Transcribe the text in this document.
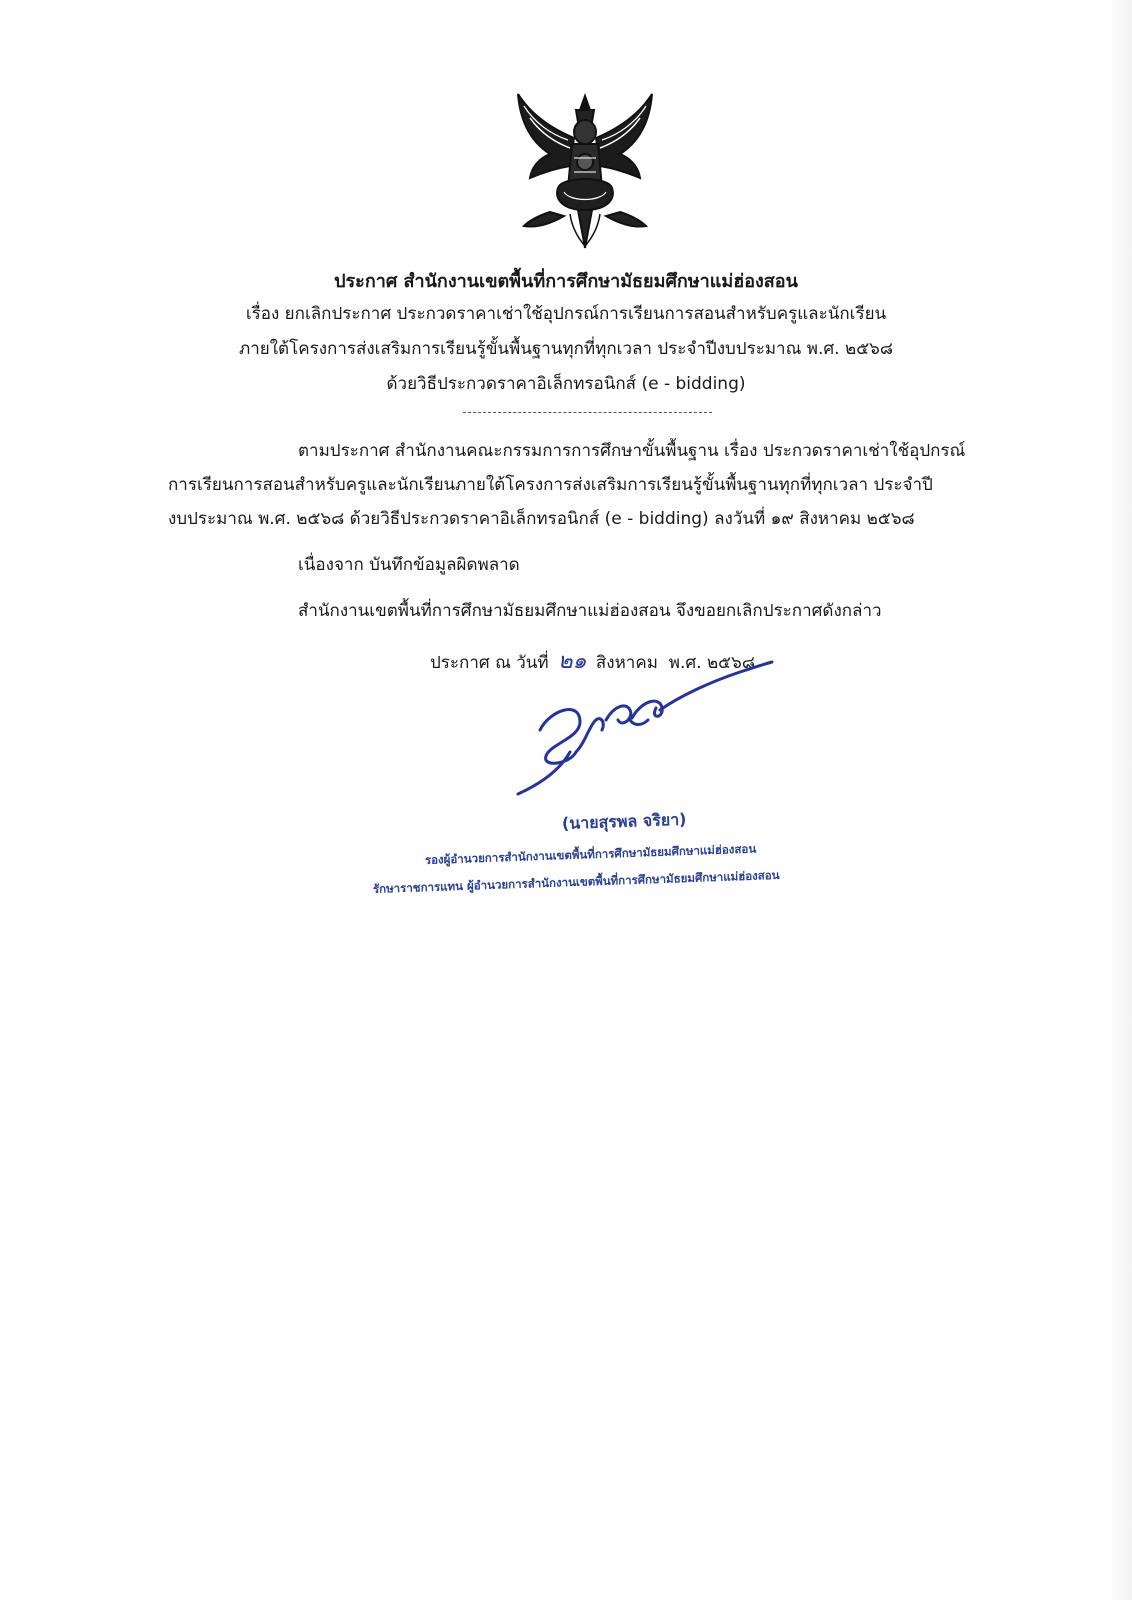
ประกาศ สำนักงานเขตพื้นที่การศึกษามัธยมศึกษาแม่ฮ่องสอน
เรื่อง ยกเลิกประกาศ ประกวดราคาเช่าใช้อุปกรณ์การเรียนการสอนสำหรับครูและนักเรียน
ภายใต้โครงการส่งเสริมการเรียนรู้ขั้นพื้นฐานทุกที่ทุกเวลา ประจำปีงบประมาณ พ.ศ. ๒๕๖๘
ด้วยวิธีประกวดราคาอิเล็กทรอนิกส์ (e - bidding)
ตามประกาศ สำนักงานคณะกรรมการการศึกษาขั้นพื้นฐาน เรื่อง ประกวดราคาเช่าใช้อุปกรณ์
การเรียนการสอนสำหรับครูและนักเรียนภายใต้โครงการส่งเสริมการเรียนรู้ขั้นพื้นฐานทุกที่ทุกเวลา ประจำปี
งบประมาณ พ.ศ. ๒๕๖๘ ด้วยวิธีประกวดราคาอิเล็กทรอนิกส์ (e - bidding) ลงวันที่ ๑๙ สิงหาคม ๒๕๖๘
เนื่องจาก บันทึกข้อมูลผิดพลาด
สำนักงานเขตพื้นที่การศึกษามัธยมศึกษาแม่ฮ่องสอน จึงขอยกเลิกประกาศดังกล่าว
ประกาศ ณ วันที่ ๒๑ สิงหาคม พ.ศ. ๒๕๖๘
(นายสุรพล จริยา)
รองผู้อำนวยการสำนักงานเขตพื้นที่การศึกษามัธยมศึกษาแม่ฮ่องสอน
รักษาราชการแทน ผู้อำนวยการสำนักงานเขตพื้นที่การศึกษามัธยมศึกษาแม่ฮ่องสอน
